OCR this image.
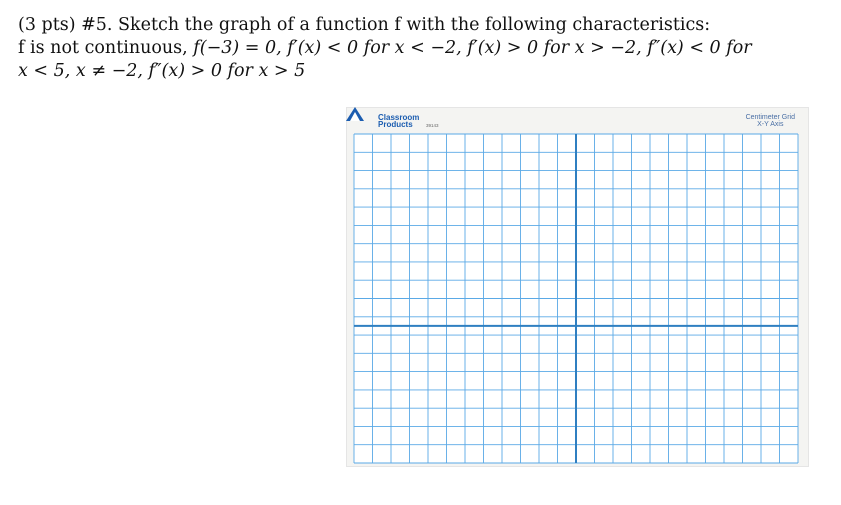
(3 pts) #5. Sketch the graph of a function f with the following characteristics:
f is not continuous, f(−3) = 0, f′(x) < 0 for x < −2, f′(x) > 0 for x > −2, f″(x) < 0 for
x < 5, x ≠ −2, f″(x) > 0 for x > 5
Classroom
Products	39143
Centimeter Grid
X-Y Axis
